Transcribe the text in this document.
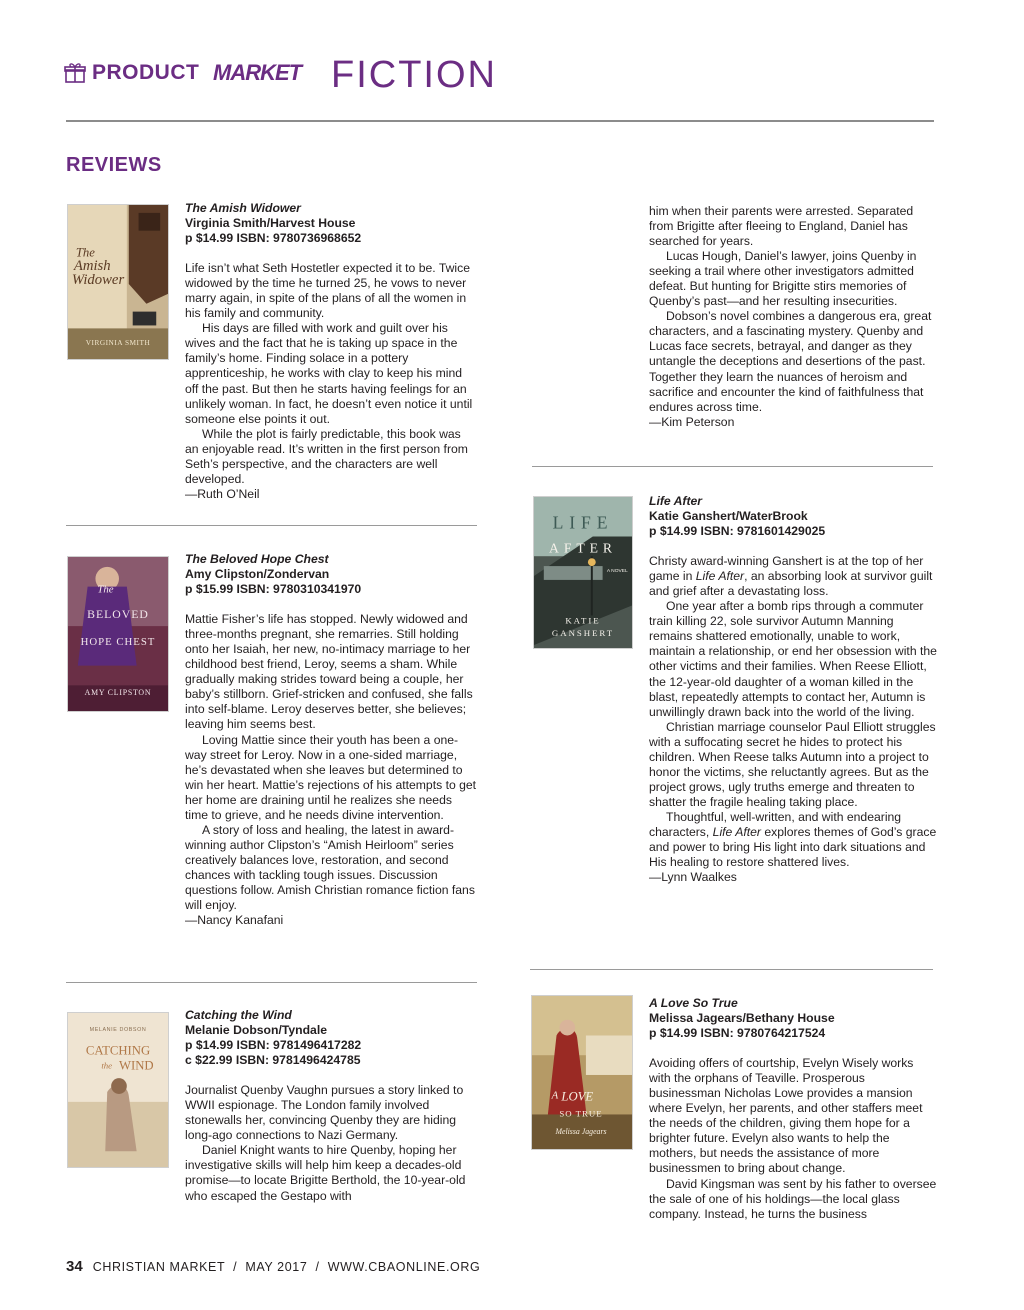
PRODUCT MARKET FICTION
REVIEWS
The
Amish
Widower
VIRGINIA SMITH
The
BELOVED
HOPE CHEST
AMY CLIPSTON
MELANIE DOBSON
CATCHING
the WIND
LIFE
AFTER
A NOVEL
KATIE
GANSHERT
A LOVE
SO TRUE
Melissa Jagears
The Amish Widower
Virginia Smith/Harvest House
p $14.99 ISBN: 9780736968652

Life isn’t what Seth Hostetler expected it to be. Twice widowed by the time he turned 25, he vows to never marry again, in spite of the plans of all the women in his family and community.

His days are filled with work and guilt over his wives and the fact that he is taking up space in the family’s home. Finding solace in a pottery apprenticeship, he works with clay to keep his mind off the past. But then he starts having feelings for an unlikely woman. In fact, he doesn’t even notice it until someone else points it out.

While the plot is fairly predictable, this book was an enjoyable read. It’s written in the first person from Seth’s perspective, and the characters are well developed.

—Ruth O’Neil

The Beloved Hope Chest
Amy Clipston/Zondervan
p $15.99 ISBN: 9780310341970

Mattie Fisher’s life has stopped. Newly widowed and three-months pregnant, she remarries. Still holding onto her Isaiah, her new, no-intimacy marriage to her childhood best friend, Leroy, seems a sham. While gradually making strides toward being a couple, her baby’s stillborn. Grief-stricken and confused, she falls into self-blame. Leroy deserves better, she believes; leaving him seems best.

Loving Mattie since their youth has been a one-way street for Leroy. Now in a one-sided marriage, he’s devastated when she leaves but determined to win her heart. Mattie’s rejections of his attempts to get her home are draining until he realizes she needs time to grieve, and he needs divine intervention.

A story of loss and healing, the latest in award-winning author Clipston’s “Amish Heirloom” series creatively balances love, restoration, and second chances with tackling tough issues. Discussion questions follow. Amish Christian romance fiction fans will enjoy.

—Nancy Kanafani

Catching the Wind
Melanie Dobson/Tyndale
p $14.99 ISBN: 9781496417282
c $22.99 ISBN: 9781496424785

Journalist Quenby Vaughn pursues a story linked to WWII espionage. The London family involved stonewalls her, convincing Quenby they are hiding long-ago connections to Nazi Germany.

Daniel Knight wants to hire Quenby, hoping her investigative skills will help him keep a decades-old promise—to locate Brigitte Berthold, the 10-year-old who escaped the Gestapo with

him when their parents were arrested. Separated from Brigitte after fleeing to England, Daniel has searched for years.

Lucas Hough, Daniel’s lawyer, joins Quenby in seeking a trail where other investigators admitted defeat. But hunting for Brigitte stirs memories of Quenby’s past—and her resulting insecurities.

Dobson’s novel combines a dangerous era, great characters, and a fascinating mystery. Quenby and Lucas face secrets, betrayal, and danger as they untangle the deceptions and desertions of the past. Together they learn the nuances of heroism and sacrifice and encounter the kind of faithfulness that endures across time.

—Kim Peterson

Life After
Katie Ganshert/WaterBrook
p $14.99 ISBN: 9781601429025

Christy award-winning Ganshert is at the top of her game in Life After, an absorbing look at survivor guilt and grief after a devastating loss.

One year after a bomb rips through a commuter train killing 22, sole survivor Autumn Manning remains shattered emotionally, unable to work, maintain a relationship, or end her obsession with the other victims and their families. When Reese Elliott, the 12-year-old daughter of a woman killed in the blast, repeatedly attempts to contact her, Autumn is unwillingly drawn back into the world of the living.

Christian marriage counselor Paul Elliott struggles with a suffocating secret he hides to protect his children. When Reese talks Autumn into a project to honor the victims, she reluctantly agrees. But as the project grows, ugly truths emerge and threaten to shatter the fragile healing taking place.

Thoughtful, well-written, and with endearing characters, Life After explores themes of God’s grace and power to bring His light into dark situations and His healing to restore shattered lives.

—Lynn Waalkes

A Love So True
Melissa Jagears/Bethany House
p $14.99 ISBN: 9780764217524

Avoiding offers of courtship, Evelyn Wisely works with the orphans of Teaville. Prosperous businessman Nicholas Lowe provides a mansion where Evelyn, her parents, and other staffers meet the needs of the children, giving them hope for a brighter future. Evelyn also wants to help the mothers, but needs the assistance of more businessmen to bring about change.

David Kingsman was sent by his father to oversee the sale of one of his holdings—the local glass company. Instead, he turns the business

34 CHRISTIAN MARKET  /  MAY 2017  /  WWW.CBAONLINE.ORG
